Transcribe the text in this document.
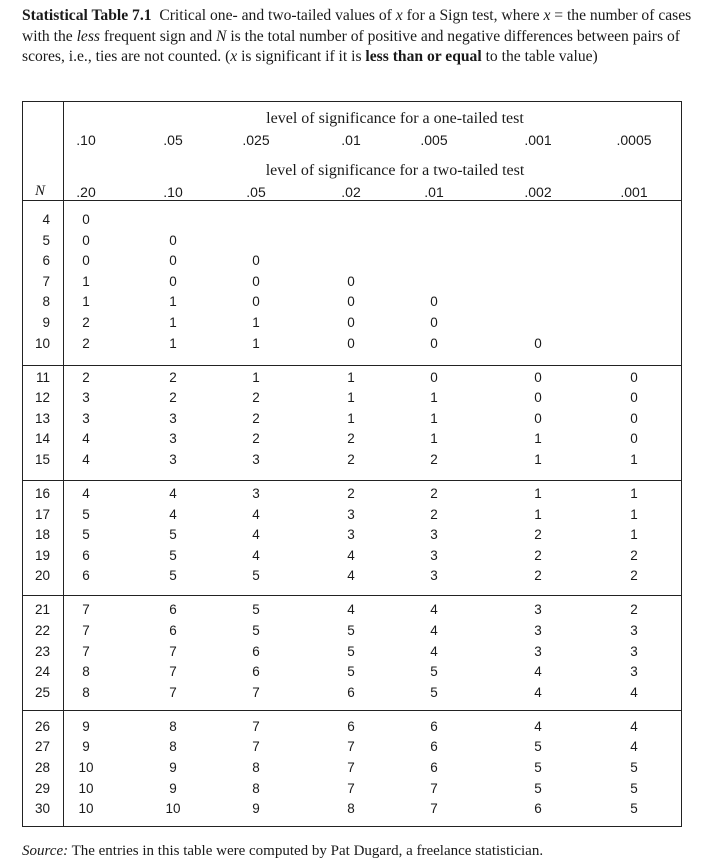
Statistical Table 7.1 Critical one- and two-tailed values of x for a Sign test, where x = the number of cases with the less frequent sign and N is the total number of positive and negative differences between pairs of scores, i.e., ties are not counted. (x is significant if it is less than or equal to the table value)

level of significance for a one-tailed test
level of significance for a two-tailed test
.10	.05	.025	.01	.005	.001	.0005
.20	.10	.05	.02	.01	.002	.001
N
4 0
5 0	0
6 0	0	0
7 1	0	0	0
8 1	1	0	0	0
9 2	1	1	0	0
10 2	1	1	0	0	0
11 2	2	1	1	0	0	0
12 3	2	2	1	1	0	0
13 3	3	2	1	1	0	0
14 4	3	2	2	1	1	0
15 4	3	3	2	2	1	1
16 4	4	3	2	2	1	1
17 5	4	4	3	2	1	1
18 5	5	4	3	3	2	1
19 6	5	4	4	3	2	2
20 6	5	5	4	3	2	2
21 7	6	5	4	4	3	2
22 7	6	5	5	4	3	3
23 7	7	6	5	4	3	3
24 8	7	6	5	5	4	3
25 8	7	7	6	5	4	4
26 9	8	7	6	6	4	4
27 9	8	7	7	6	5	4
28 10	9	8	7	6	5	5
29 10	9	8	7	7	5	5
30 10	10	9	8	7	6	5
Source: The entries in this table were computed by Pat Dugard, a freelance statistician.
